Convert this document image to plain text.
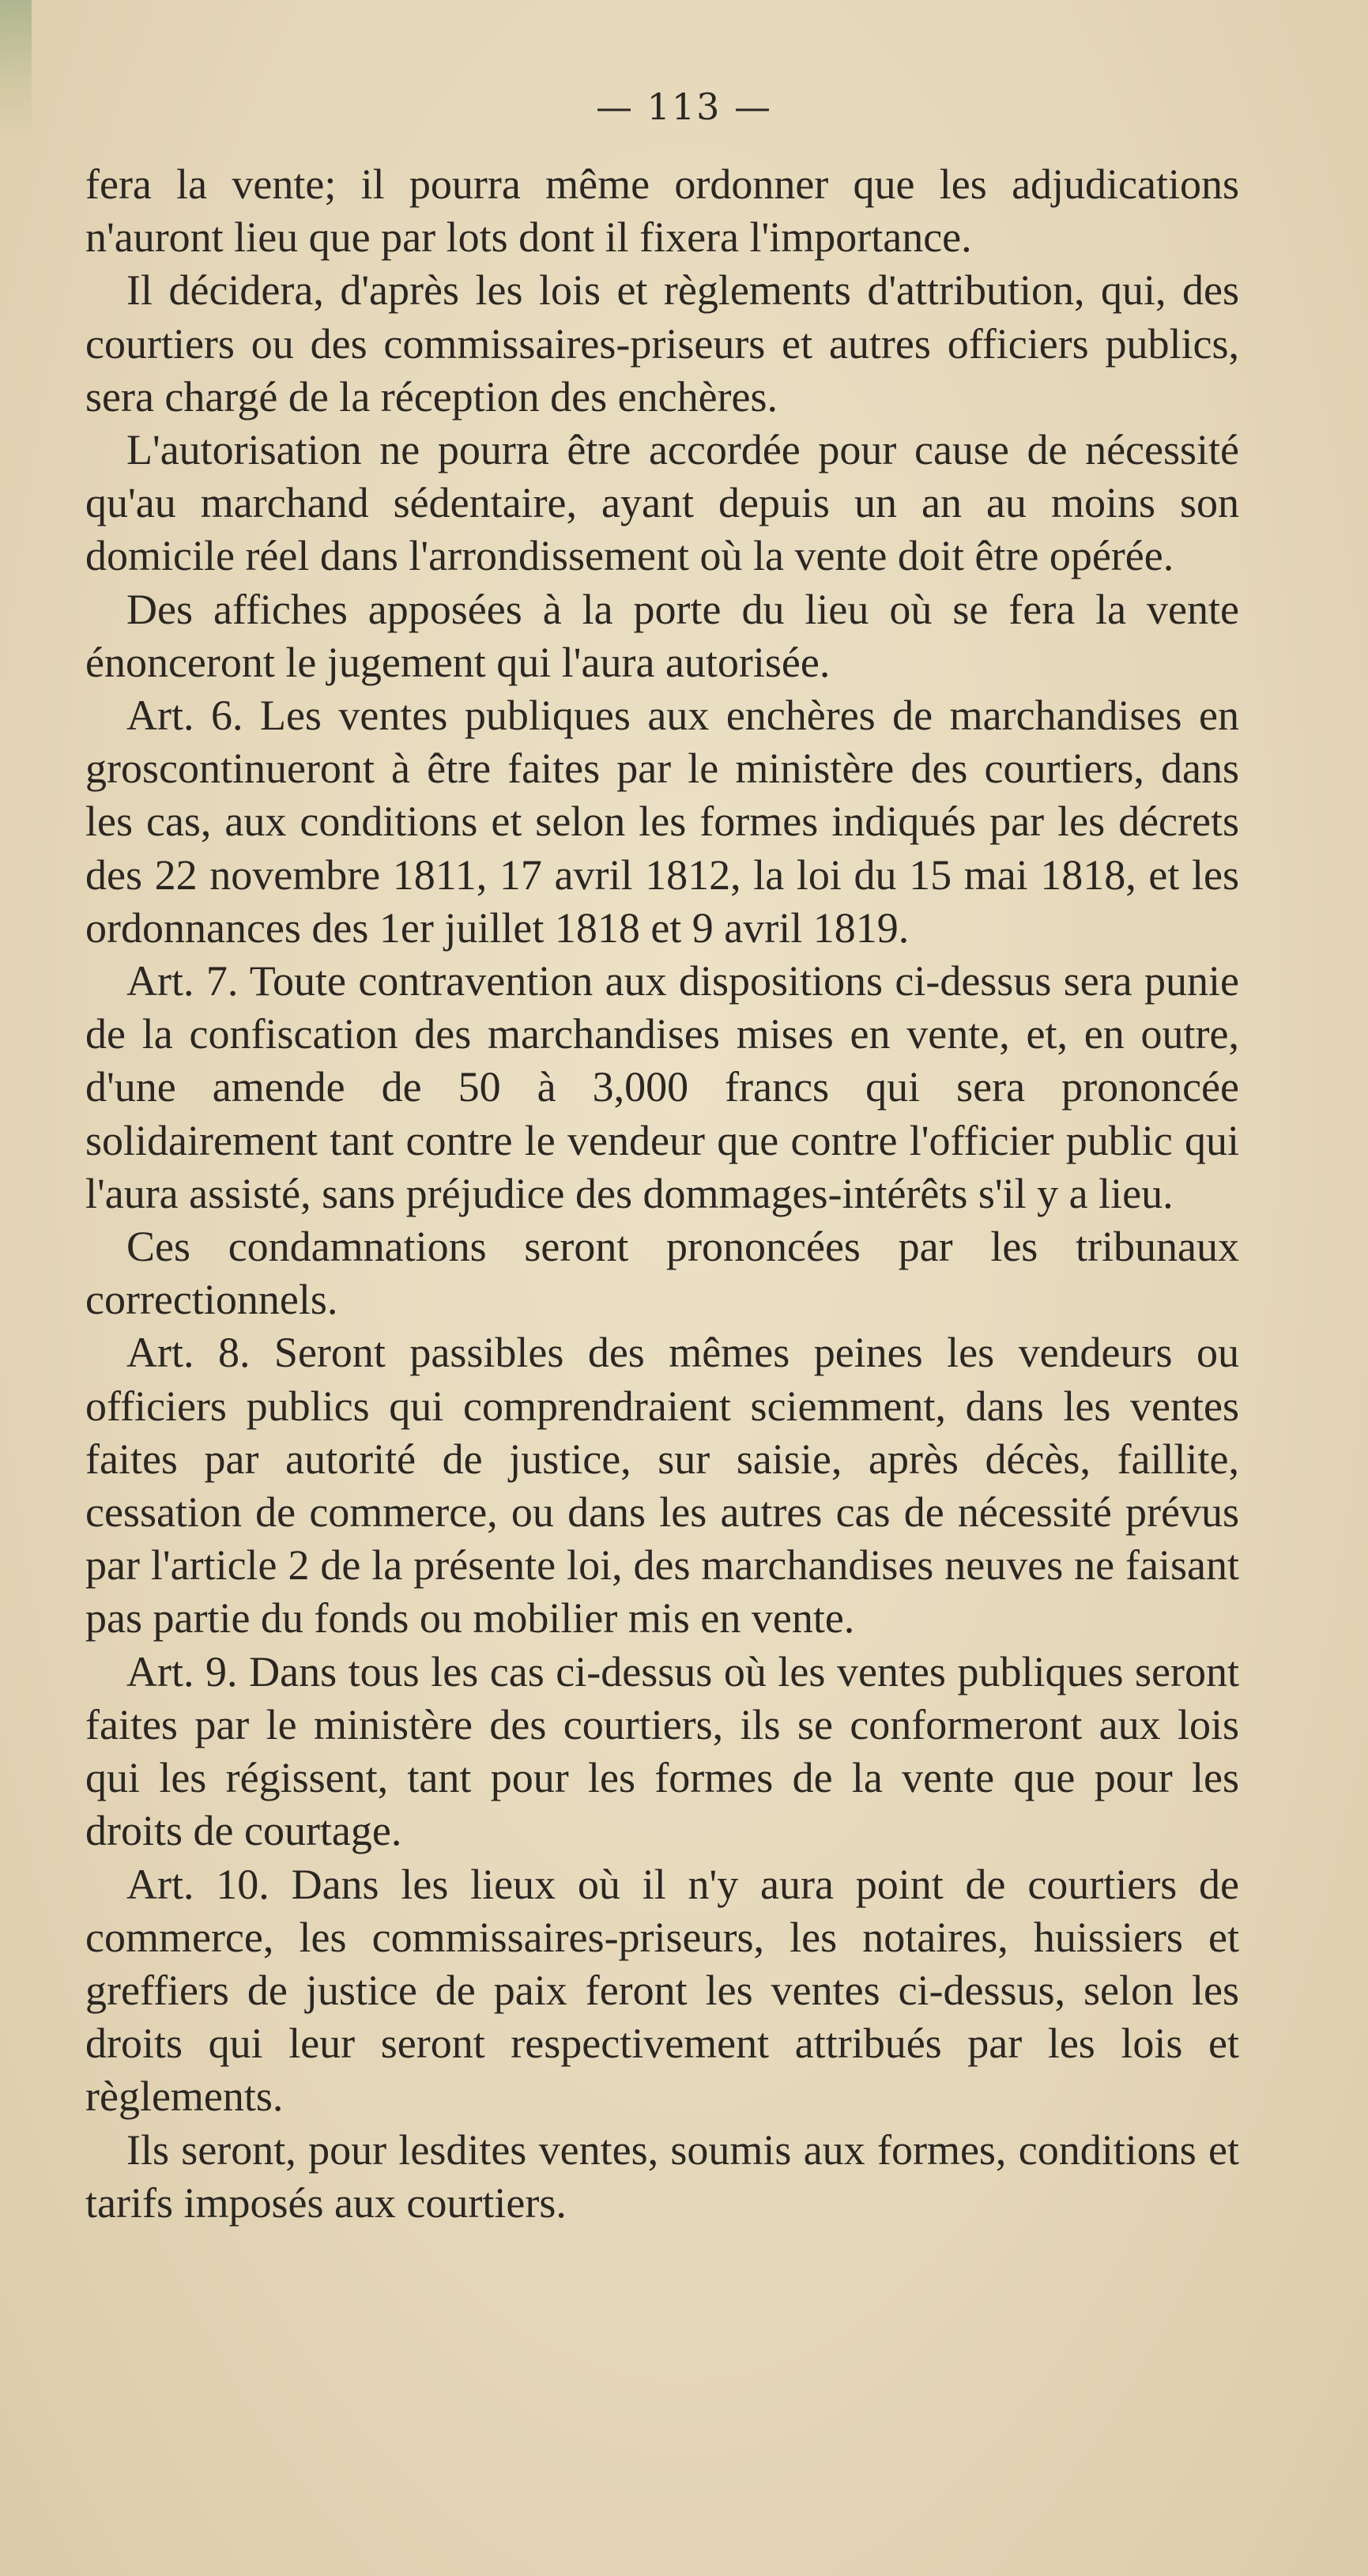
— 113 —

fera la vente; il pourra même ordonner que les adjudications n'auront lieu que par lots dont il fixera l'importance.

Il décidera, d'après les lois et règlements d'attribution, qui, des courtiers ou des commissaires-priseurs et autres officiers publics, sera chargé de la réception des enchères.

L'autorisation ne pourra être accordée pour cause de nécessité qu'au marchand sédentaire, ayant depuis un an au moins son domicile réel dans l'arrondissement où la vente doit être opérée.

Des affiches apposées à la porte du lieu où se fera la vente énonceront le jugement qui l'aura autorisée.

Art. 6. Les ventes publiques aux enchères de marchandises en groscontinueront à être faites par le ministère des courtiers, dans les cas, aux conditions et selon les formes indiqués par les décrets des 22 novembre 1811, 17 avril 1812, la loi du 15 mai 1818, et les ordonnances des 1er juillet 1818 et 9 avril 1819.

Art. 7. Toute contravention aux dispositions ci-dessus sera punie de la confiscation des marchandises mises en vente, et, en outre, d'une amende de 50 à 3,000 francs qui sera prononcée solidairement tant contre le vendeur que contre l'officier public qui l'aura assisté, sans préjudice des dommages-intérêts s'il y a lieu.

Ces condamnations seront prononcées par les tribunaux correctionnels.

Art. 8. Seront passibles des mêmes peines les vendeurs ou officiers publics qui comprendraient sciemment, dans les ventes faites par autorité de justice, sur saisie, après décès, faillite, cessation de commerce, ou dans les autres cas de nécessité prévus par l'article 2 de la présente loi, des marchandises neuves ne faisant pas partie du fonds ou mobilier mis en vente.

Art. 9. Dans tous les cas ci-dessus où les ventes publiques seront faites par le ministère des courtiers, ils se conformeront aux lois qui les régissent, tant pour les formes de la vente que pour les droits de courtage.

Art. 10. Dans les lieux où il n'y aura point de courtiers de commerce, les commissaires-priseurs, les notaires, huissiers et greffiers de justice de paix feront les ventes ci-dessus, selon les droits qui leur seront respectivement attribués par les lois et règlements.

Ils seront, pour lesdites ventes, soumis aux formes, conditions et tarifs imposés aux courtiers.
